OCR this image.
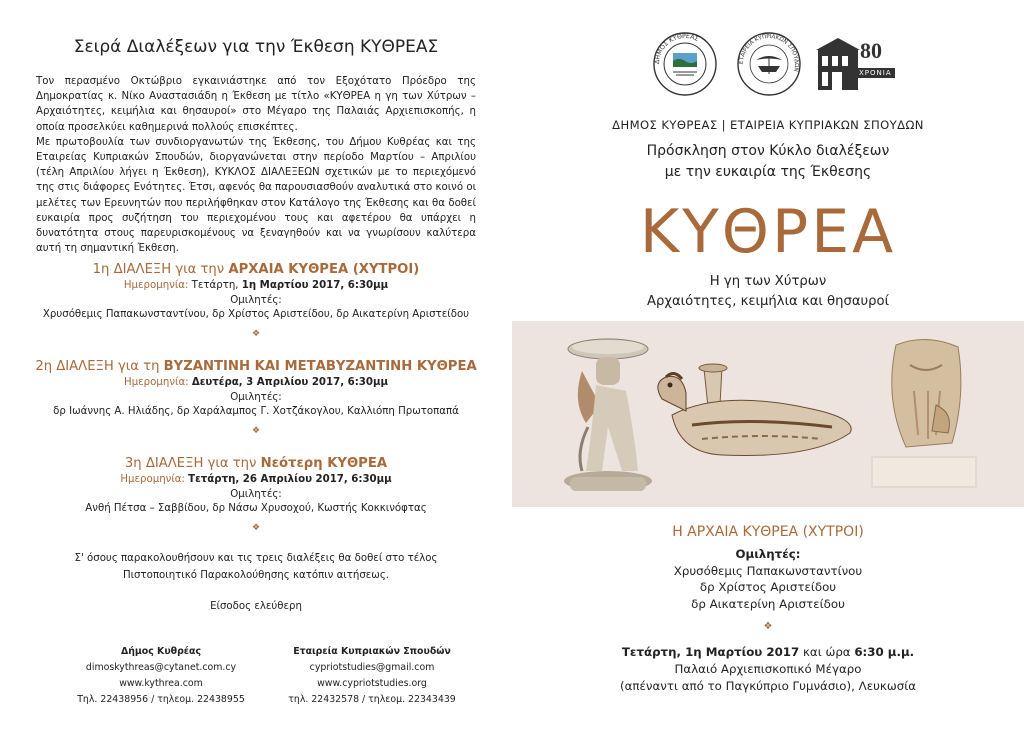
Σειρά Διαλέξεων για την Έκθεση ΚΥΘΡΕΑΣ

Τον περασμένο Οκτώβριο εγκαινιάστηκε από τον Εξοχότατο Πρόεδρο της Δημοκρατίας κ. Νίκο Αναστασιάδη η Έκθεση με τίτλο «ΚΥΘΡΕΑ η γη των Χύτρων – Αρχαιότητες, κειμήλια και θησαυροί» στο Μέγαρο της Παλαιάς Αρχιεπισκοπής, η οποία προσελκύει καθημερινά πολλούς επισκέπτες.

Με πρωτοβουλία των συνδιοργανωτών της Έκθεσης, του Δήμου Κυθρέας και της Εταιρείας Κυπριακών Σπουδών, διοργανώνεται στην περίοδο Μαρτίου – Απριλίου (τέλη Απριλίου λήγει η Έκθεση), ΚΥΚΛΟΣ ΔΙΑΛΕΞΕΩΝ σχετικών με το περιεχόμενό της στις διάφορες Ενότητες. Έτσι, αφενός θα παρουσιασθούν αναλυτικά στο κοινό οι μελέτες των Ερευνητών που περιλήφθηκαν στον Κατάλογο της Έκθεσης και θα δοθεί ευκαιρία προς συζήτηση του περιεχομένου τους και αφετέρου θα υπάρχει η δυνατότητα στους παρευρισκομένους να ξεναγηθούν και να γνωρίσουν καλύτερα αυτή τη σημαντική Έκθεση.

1η ΔΙΑΛΕΞΗ για την ΑΡΧΑΙΑ ΚΥΘΡΕΑ (ΧΥΤΡΟΙ)
Ημερομηνία: Τετάρτη, 1η Μαρτίου 2017, 6:30μμ
Ομιλητές:
Χρυσόθεμις Παπακωνσταντίνου, δρ Χρίστος Αριστείδου, δρ Αικατερίνη Αριστείδου
❖
2η ΔΙΑΛΕΞΗ για τη ΒΥΖΑΝΤΙΝΗ ΚΑΙ ΜΕΤΑΒΥΖΑΝΤΙΝΗ ΚΥΘΡΕΑ
Ημερομηνία: Δευτέρα, 3 Απριλίου 2017, 6:30μμ
Ομιλητές:
δρ Ιωάννης Α. Ηλιάδης, δρ Χαράλαμπος Γ. Χοτζάκογλου, Καλλιόπη Πρωτοπαπά
❖
3η ΔΙΑΛΕΞΗ για την Νεότερη ΚΥΘΡΕΑ
Ημερομηνία: Τετάρτη, 26 Απριλίου 2017, 6:30μμ
Ομιλητές:
Ανθή Πέτσα – Σαββίδου, δρ Νάσω Χρυσοχού, Κωστής Κοκκινόφτας
❖
Σ' όσους παρακολουθήσουν και τις τρεις διαλέξεις θα δοθεί στο τέλος
Πιστοποιητικό Παρακολούθησης κατόπιν αιτήσεως.
Είσοδος ελεύθερη
Δήμος Κυθρέας
dimoskythreas@cytanet.com.cy
www.kythrea.com
Τηλ. 22438956 / τηλεομ. 22438955
Εταιρεία Κυπριακών Σπουδών
cypriotstudies@gmail.com
www.cypriotstudies.org
τηλ. 22432578 / τηλεομ. 22343439
ΔΗΜΟΣ ΚΥΘΡΕΑΣ
ΕΤΑΙΡΕΙΑ ΚΥΠΡΙΑΚΩΝ ΣΠΟΥΔΩΝ
80
ΧΡΟΝΙΑ
ΔΗΜΟΣ ΚΥΘΡΕΑΣ | ΕΤΑΙΡΕΙΑ ΚΥΠΡΙΑΚΩΝ ΣΠΟΥΔΩΝ
Πρόσκληση στον Κύκλο διαλέξεων
με την ευκαιρία της Έκθεσης
ΚΥΘΡΕΑ
Η γη των Χύτρων
Αρχαιότητες, κειμήλια και θησαυροί
Η ΑΡΧΑΙΑ ΚΥΘΡΕΑ (ΧΥΤΡΟΙ)
Ομιλητές:
Χρυσόθεμις Παπακωνσταντίνου
δρ Χρίστος Αριστείδου
δρ Αικατερίνη Αριστείδου
❖
Τετάρτη, 1η Μαρτίου 2017 και ώρα 6:30 μ.μ.
Παλαιό Αρχιεπισκοπικό Μέγαρο
(απέναντι από το Παγκύπριο Γυμνάσιο), Λευκωσία
